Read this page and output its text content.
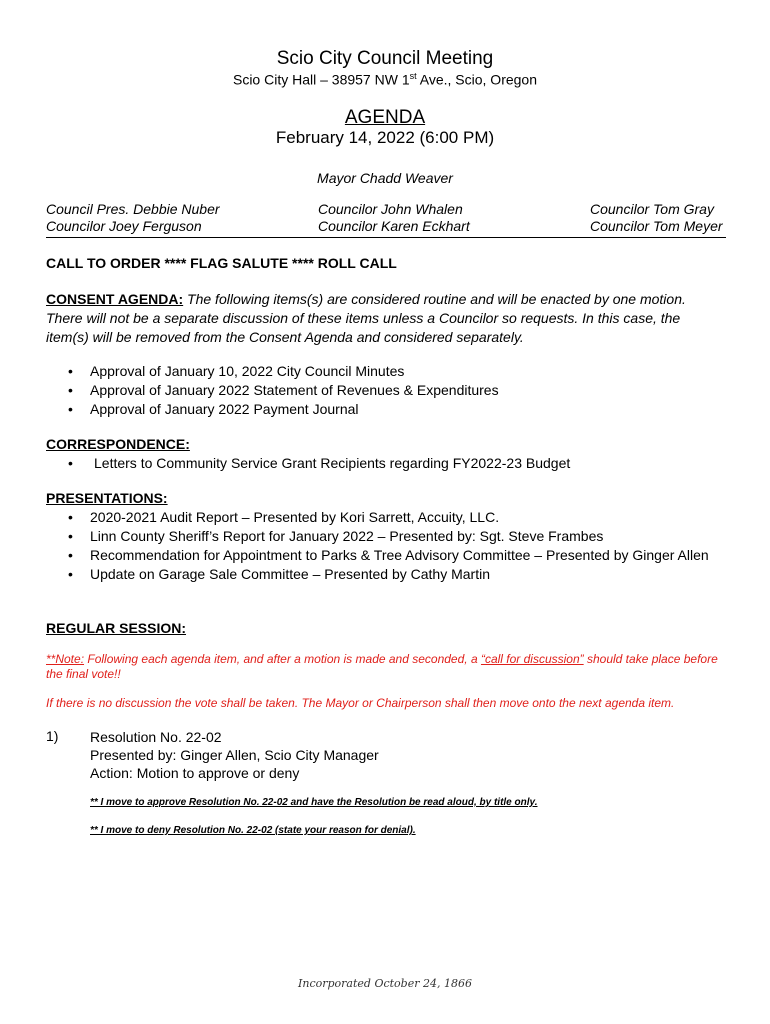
Scio City Council Meeting
Scio City Hall – 38957 NW 1st Ave., Scio, Oregon
AGENDA
February 14, 2022 (6:00 PM)
Mayor Chadd Weaver
Council Pres. Debbie Nuber
Councilor Joey Ferguson
Councilor John Whalen
Councilor Karen Eckhart
Councilor Tom Gray
Councilor Tom Meyer
CALL TO ORDER **** FLAG SALUTE **** ROLL CALL
CONSENT AGENDA: The following items(s) are considered routine and will be enacted by one motion. There will not be a separate discussion of these items unless a Councilor so requests. In this case, the item(s) will be removed from the Consent Agenda and considered separately.
• Approval of January 10, 2022 City Council Minutes
• Approval of January 2022 Statement of Revenues & Expenditures
• Approval of January 2022 Payment Journal
CORRESPONDENCE:
• Letters to Community Service Grant Recipients regarding FY2022-23 Budget
PRESENTATIONS:
• 2020-2021 Audit Report – Presented by Kori Sarrett, Accuity, LLC.
• Linn County Sheriff’s Report for January 2022 – Presented by: Sgt. Steve Frambes
• Recommendation for Appointment to Parks & Tree Advisory Committee – Presented by Ginger Allen
• Update on Garage Sale Committee – Presented by Cathy Martin
REGULAR SESSION:
**Note: Following each agenda item, and after a motion is made and seconded, a “call for discussion” should take place before the final vote!!
If there is no discussion the vote shall be taken. The Mayor or Chairperson shall then move onto the next agenda item.
1) Resolution No. 22-02
Presented by: Ginger Allen, Scio City Manager
Action: Motion to approve or deny
** I move to approve Resolution No. 22-02 and have the Resolution be read aloud, by title only.
** I move to deny Resolution No. 22-02 (state your reason for denial).
Incorporated October 24, 1866
